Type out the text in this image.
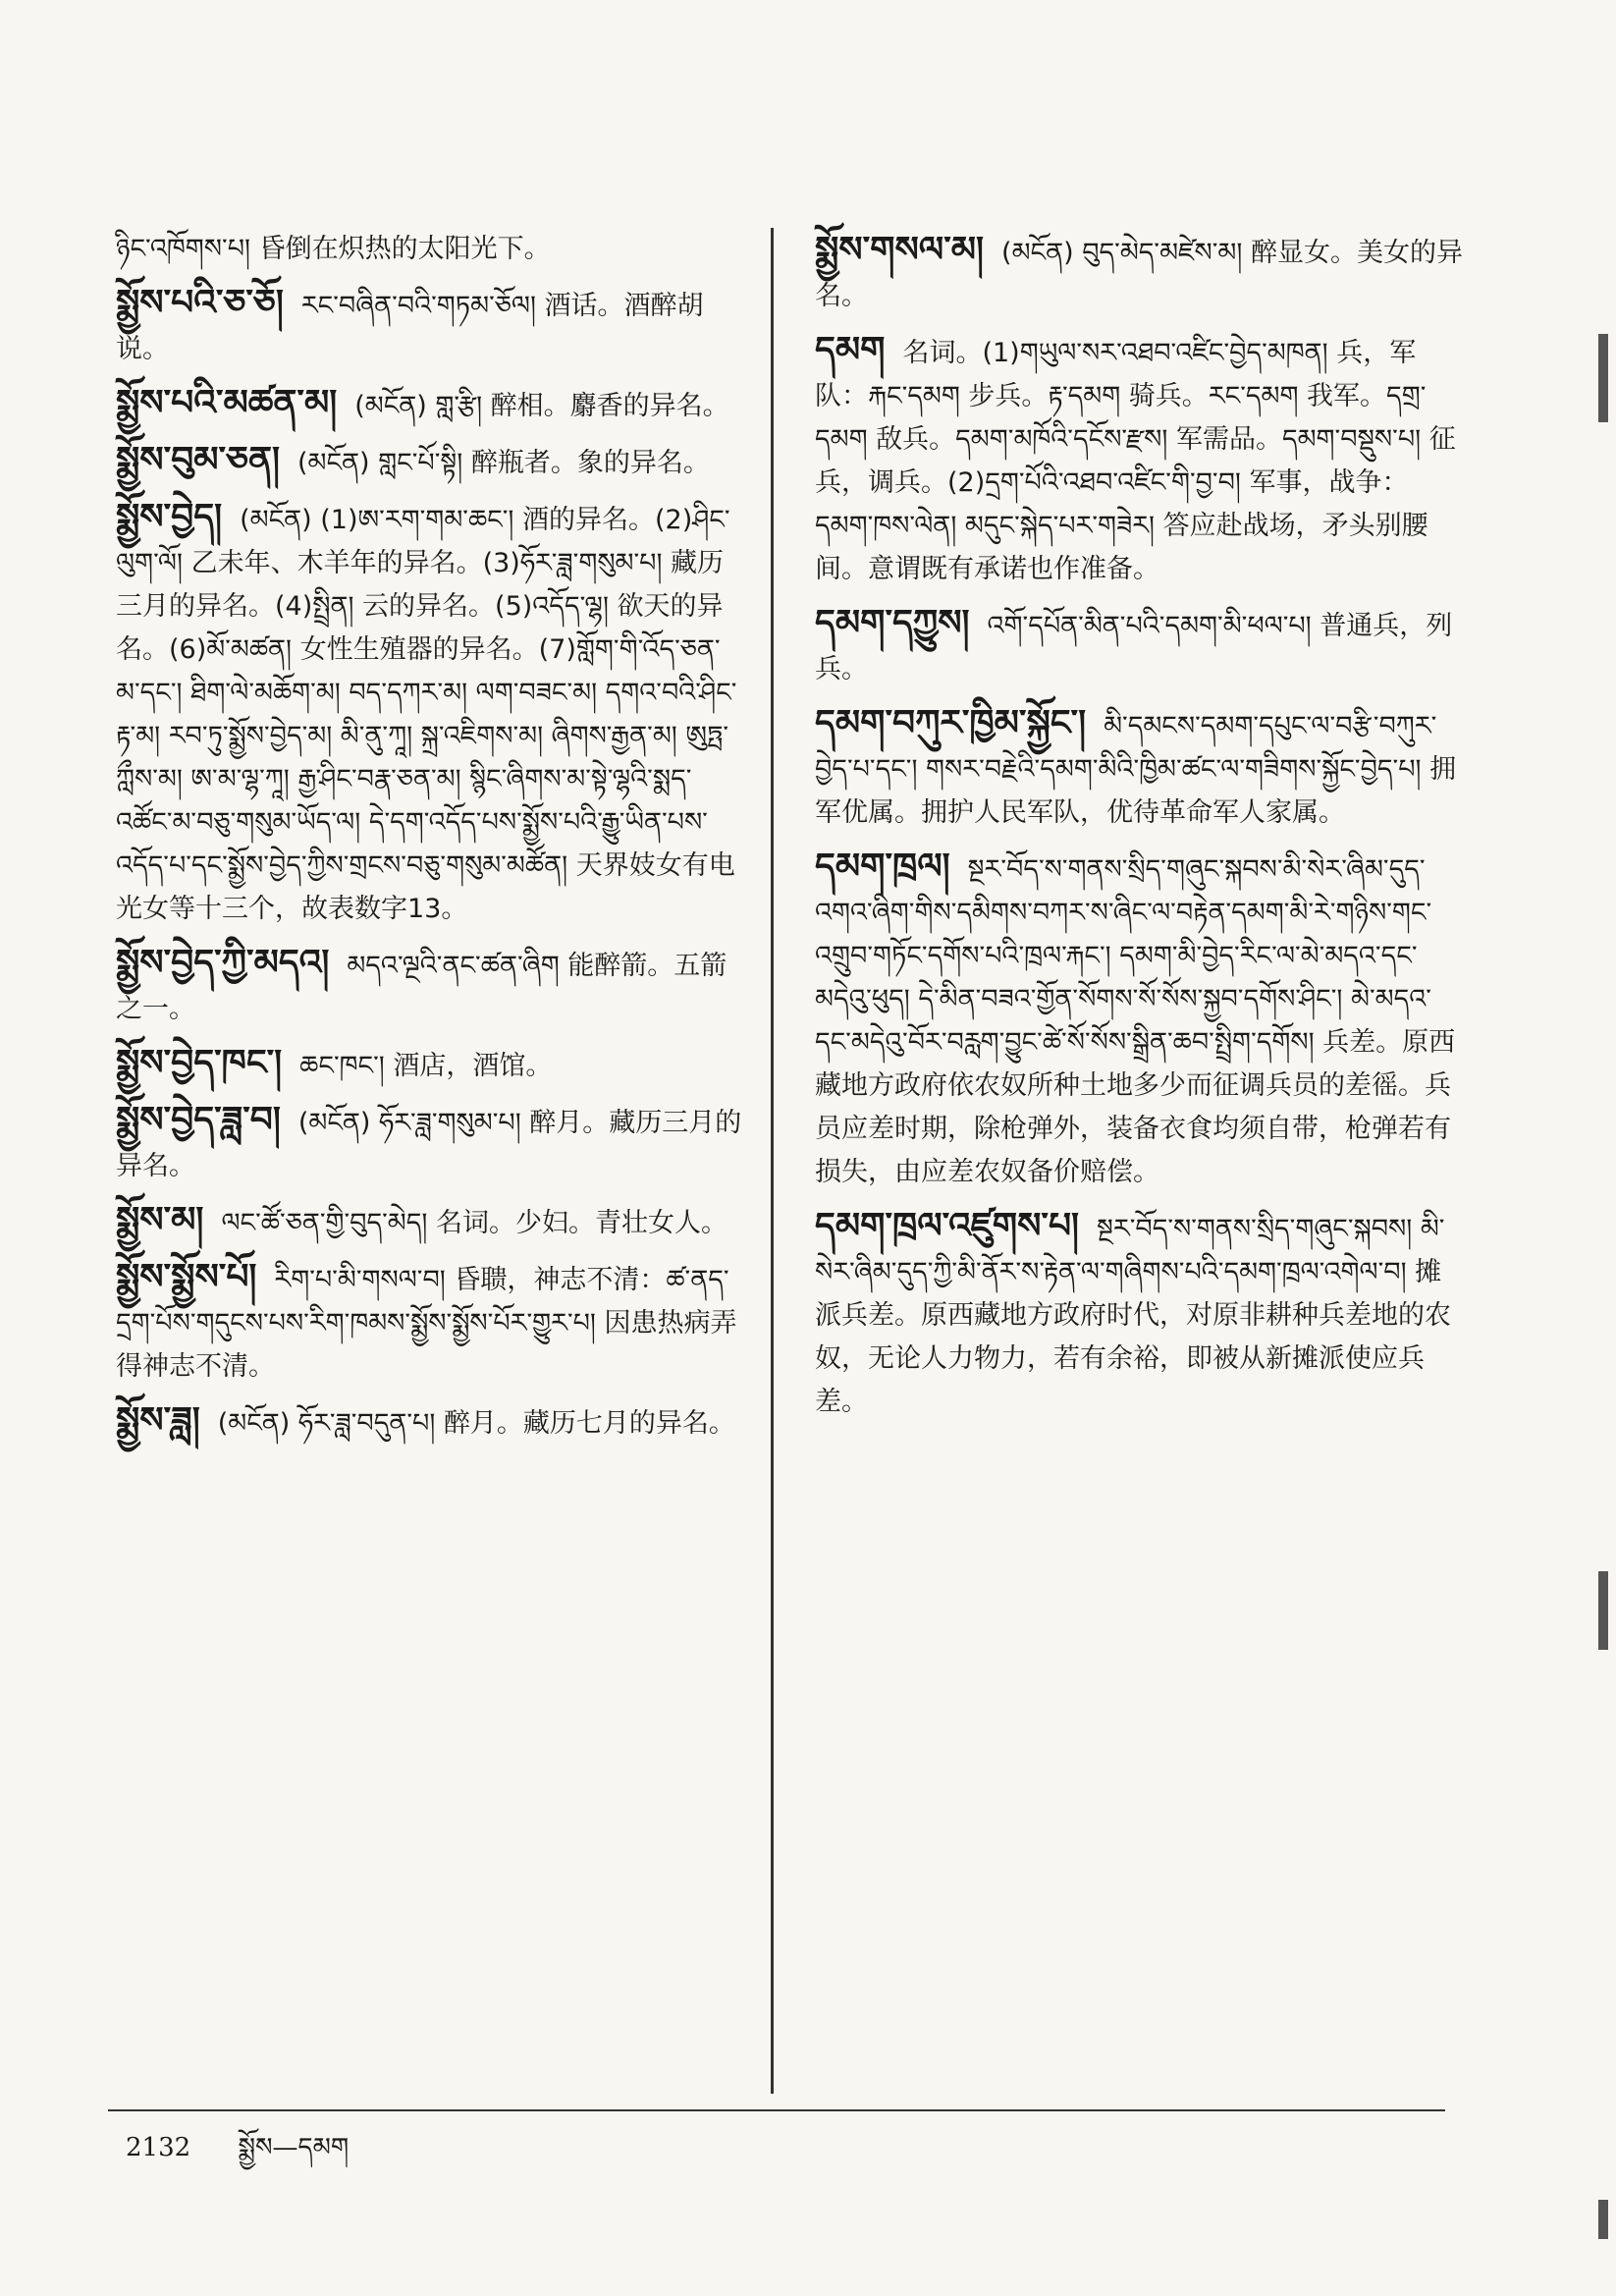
ཉིང་འཁོགས་པ། 昏倒在炽热的太阳光下。
སྨྱོས་པའི་ཅ་ཅོ། རང་བཞིན་བའི་གཏམ་ཅོལ། 酒话。酒醉胡说。
སྨྱོས་པའི་མཚན་མ། (མངོན) གླ་རྩི། 醉相。麝香的异名。
སྨྱོས་བུམ་ཅན། (མངོན) གླང་པོ་སྟི། 醉瓶者。象的异名。
སྨྱོས་བྱེད། (མངོན) (1)ཨ་རག་གམ་ཆང་། 酒的异名。(2)ཤིང་ལུག་ལོ། 乙未年、木羊年的异名。(3)ཧོར་ཟླ་གསུམ་པ། 藏历三月的异名。(4)སྤྲིན། 云的异名。(5)འདོད་ལྷ། 欲天的异名。(6)མོ་མཚན། 女性生殖器的异名。(7)གློག་གི་འོད་ཅན་མ་དང་། ཐིག་ལེ་མཆོག་མ། བད་དཀར་མ། ལག་བཟང་མ། དགའ་བའི་ཤིང་རྟ་མ། རབ་ཏུ་སྨྱོས་བྱེད་མ། མི་ནུ་ཀཱ། སྐྲ་འཇིགས་མ། ཞིགས་རྒྱན་མ། ཨུཏྤ་ཀླྀས་མ། ཨ་མ་ལྷ་ཀཱ། རྒྱ་ཤིང་བརྣ་ཅན་མ། སྙིང་ཞིགས་མ་སྟེ་ལྷའི་སྨད་འཚོང་མ་བཅུ་གསུམ་ཡོད་ལ། དེ་དག་འདོད་པས་སྨྱོས་པའི་རྒྱུ་ཡིན་པས་འདོད་པ་དང་སྨྱོས་བྱེད་ཀྱིས་གྲངས་བཅུ་གསུམ་མཚོན། 天界妓女有电光女等十三个，故表数字13。
སྨྱོས་བྱེད་ཀྱི་མདའ། མདའ་ལྔའི་ནང་ཚན་ཞིག 能醉箭。五箭之一。
སྨྱོས་བྱེད་ཁང་། ཆང་ཁང་། 酒店，酒馆。
སྨྱོས་བྱེད་ཟླ་བ། (མངོན) ཧོར་ཟླ་གསུམ་པ། 醉月。藏历三月的异名。
སྨྱོས་མ། ལང་ཚོ་ཅན་གྱི་བུད་མེད། 名词。少妇。青壮女人。
སྨྱོས་སྨྱོས་པོ། རིག་པ་མི་གསལ་བ། 昏聩，神志不清：ཚ་ནད་དྲག་པོས་གདུངས་པས་རིག་ཁམས་སྨྱོས་སྨྱོས་པོར་གྱུར་པ། 因患热病弄得神志不清。
སྨྱོས་ཟླ། (མངོན) ཧོར་ཟླ་བདུན་པ། 醉月。藏历七月的异名。
སྨྱོས་གསལ་མ། (མངོན) བུད་མེད་མཛེས་མ། 醉显女。美女的异名。
དམག 名词。(1)གཡུལ་སར་འཐབ་འཛིང་བྱེད་མཁན། 兵，军队：རྐང་དམག 步兵。རྟ་དམག 骑兵。རང་དམག 我军。དགྲ་དམག 敌兵。དམག་མཁོའི་དངོས་རྫས། 军需品。དམག་བསྡུས་པ། 征兵，调兵。(2)དྲག་པོའི་འཐབ་འཛིང་གི་བྱ་བ། 军事，战争：དམག་ཁས་ལེན། མདུང་སྐེད་པར་གཟེར། 答应赴战场，矛头别腰间。意谓既有承诺也作准备。
དམག་དཀྱུས། འགོ་དཔོན་མིན་པའི་དམག་མི་ཕལ་པ། 普通兵，列兵。
དམག་བཀུར་ཁྱིམ་སྐྱོང་། མི་དམངས་དམག་དཔུང་ལ་བརྩི་བཀུར་བྱེད་པ་དང་། གསར་བརྗེའི་དམག་མིའི་ཁྱིམ་ཚང་ལ་གཟིགས་སྐྱོང་བྱེད་པ། 拥军优属。拥护人民军队，优待革命军人家属。
དམག་ཁྲལ། སྔར་བོད་ས་གནས་སྲིད་གཞུང་སྐབས་མི་སེར་ཞིམ་དུད་འགའ་ཞིག་གིས་དམིགས་བཀར་ས་ཞིང་ལ་བརྟེན་དམག་མི་རེ་གཉིས་གང་འགྲུབ་གཏོང་དགོས་པའི་ཁྲལ་རྐང་། དམག་མི་བྱེད་རིང་ལ་མེ་མདའ་དང་མདེའུ་ཕུད། དེ་མིན་བཟའ་གྱོན་སོགས་སོ་སོས་སྐྱབ་དགོས་ཤིང་། མེ་མདའ་དང་མདེའུ་བོར་བརླག་བྱུང་ཚེ་སོ་སོས་སྒྲིན་ཆབ་སྤྲིག་དགོས། 兵差。原西藏地方政府依农奴所种土地多少而征调兵员的差徭。兵员应差时期，除枪弹外，装备衣食均须自带，枪弹若有损失，由应差农奴备价赔偿。
དམག་ཁྲལ་འཛུགས་པ། སྔར་བོད་ས་གནས་སྲིད་གཞུང་སྐབས། མི་སེར་ཞིམ་དུད་ཀྱི་མི་ནོར་ས་རྟེན་ལ་གཞིགས་པའི་དམག་ཁྲལ་འགེལ་བ། 摊派兵差。原西藏地方政府时代，对原非耕种兵差地的农奴，无论人力物力，若有余裕，即被从新摊派使应兵差。
2132 སྨྱོས—དམག
